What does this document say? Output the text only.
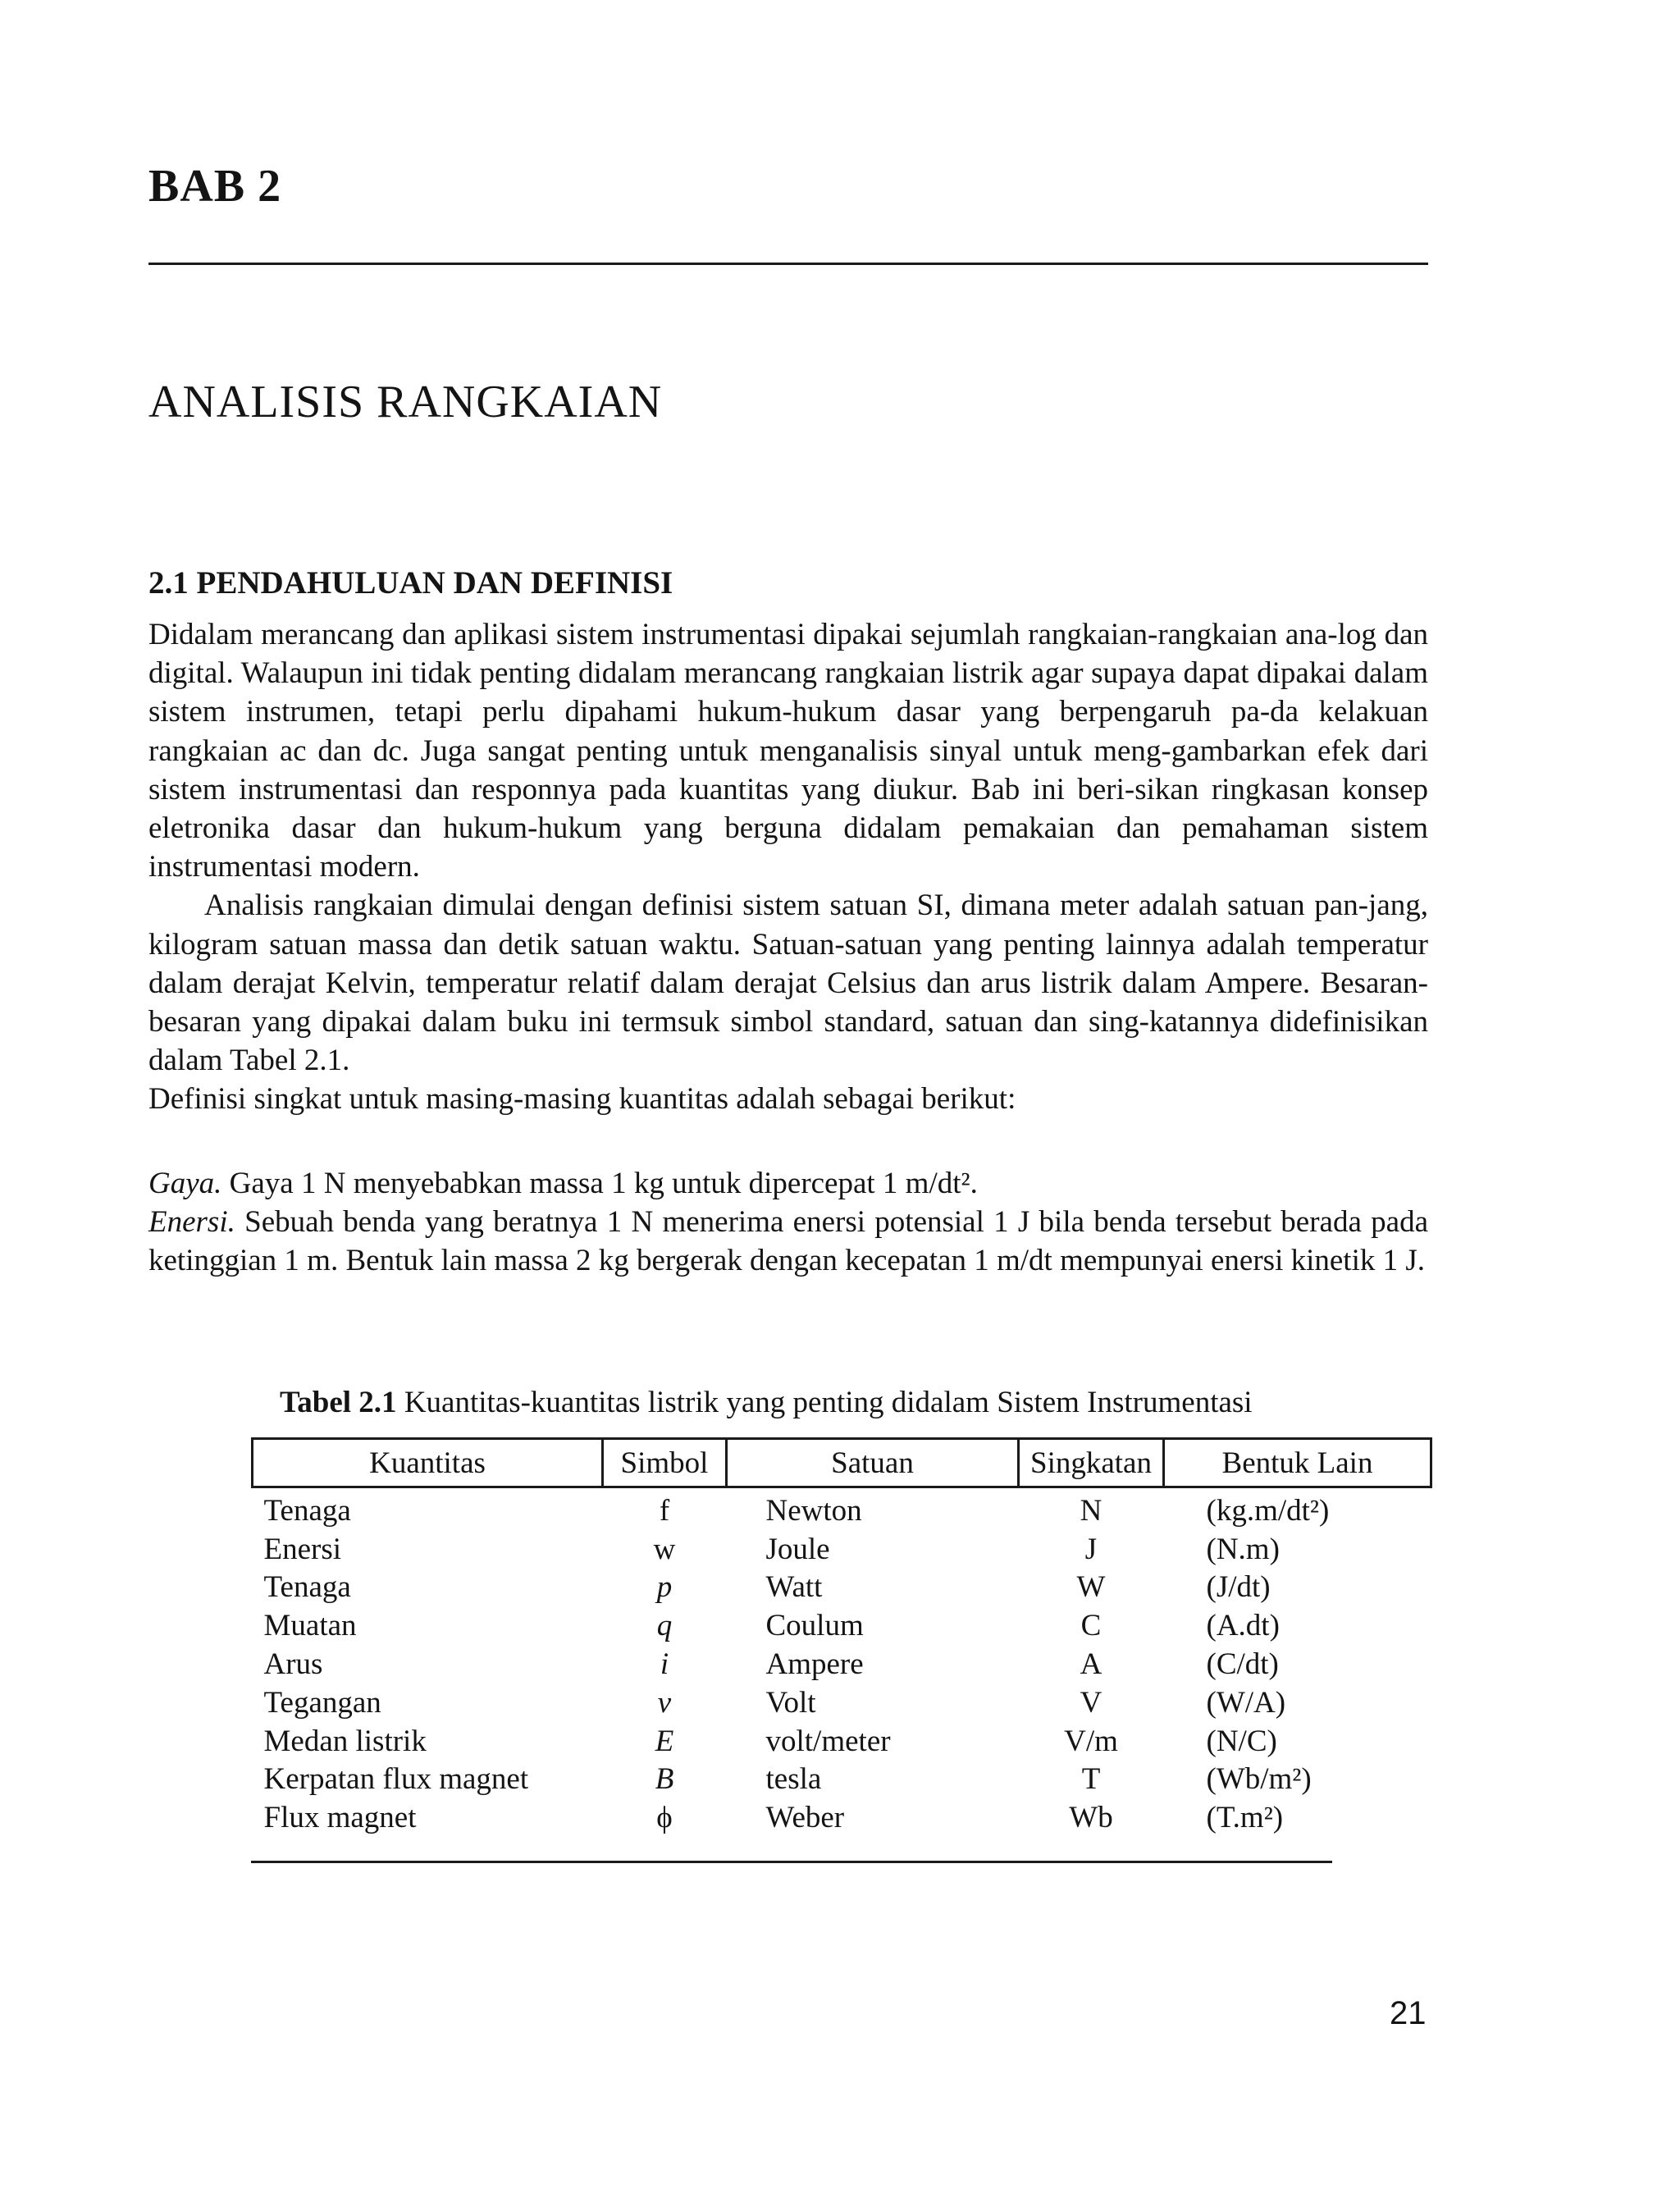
BAB 2
ANALISIS RANGKAIAN
2.1 PENDAHULUAN DAN DEFINISI

Didalam merancang dan aplikasi sistem instrumentasi dipakai sejumlah rangkaian-rangkaian ana-log dan digital. Walaupun ini tidak penting didalam merancang rangkaian listrik agar supaya dapat dipakai dalam sistem instrumen, tetapi perlu dipahami hukum-hukum dasar yang berpengaruh pa-da kelakuan rangkaian ac dan dc. Juga sangat penting untuk menganalisis sinyal untuk meng-gambarkan efek dari sistem instrumentasi dan responnya pada kuantitas yang diukur. Bab ini beri-sikan ringkasan konsep eletronika dasar dan hukum-hukum yang berguna didalam pemakaian dan pemahaman sistem instrumentasi modern.

Analisis rangkaian dimulai dengan definisi sistem satuan SI, dimana meter adalah satuan pan-jang, kilogram satuan massa dan detik satuan waktu. Satuan-satuan yang penting lainnya adalah temperatur dalam derajat Kelvin, temperatur relatif dalam derajat Celsius dan arus listrik dalam Ampere. Besaran-besaran yang dipakai dalam buku ini termsuk simbol standard, satuan dan sing-katannya didefinisikan dalam Tabel 2.1.

Definisi singkat untuk masing-masing kuantitas adalah sebagai berikut:

Gaya. Gaya 1 N menyebabkan massa 1 kg untuk dipercepat 1 m/dt².

Enersi. Sebuah benda yang beratnya 1 N menerima enersi potensial 1 J bila benda tersebut berada pada ketinggian 1 m. Bentuk lain massa 2 kg bergerak dengan kecepatan 1 m/dt mempunyai enersi kinetik 1 J.

Tabel 2.1 Kuantitas-kuantitas listrik yang penting didalam Sistem Instrumentasi
Kuantitas	Simbol	Satuan	Singkatan	Bentuk Lain
Tenaga	f	Newton	N	(kg.m/dt²)
Enersi	w	Joule	J	(N.m)
Tenaga	p	Watt	W	(J/dt)
Muatan	q	Coulum	C	(A.dt)
Arus	i	Ampere	A	(C/dt)
Tegangan	v	Volt	V	(W/A)
Medan listrik	E	volt/meter	V/m	(N/C)
Kerpatan flux magnet	B	tesla	T	(Wb/m²)
Flux magnet	ϕ	Weber	Wb	(T.m²)
21
